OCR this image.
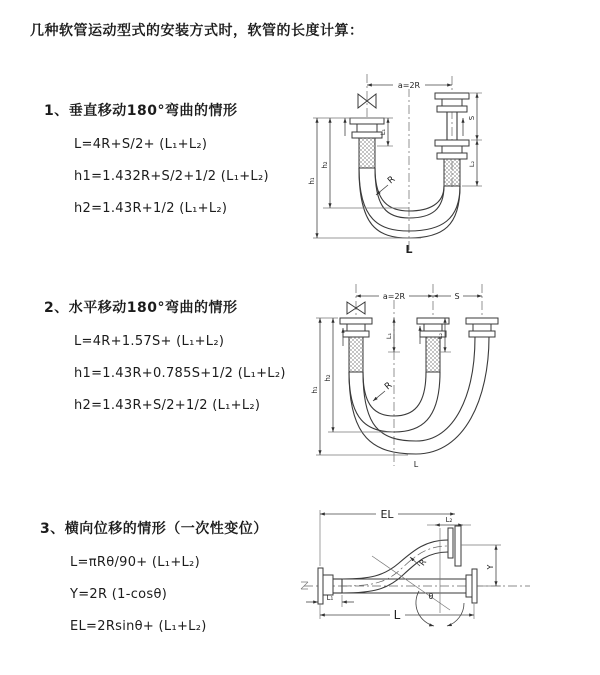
几种软管运动型式的安装方式时，软管的长度计算：

1、垂直移动180°弯曲的情形

L=4R+S/2+ (L₁+L₂)
h1=1.432R+S/2+1/2 (L₁+L₂)
h2=1.43R+1/2 (L₁+L₂)
a=2R
S
L₂
h₁
h₂
L₁
R
L

2、水平移动180°弯曲的情形

L=4R+1.57S+ (L₁+L₂)
h1=1.43R+0.785S+1/2 (L₁+L₂)
h2=1.43R+S/2+1/2 (L₁+L₂)
a=2R	S
h₁
h₂
L₁	L₂
R
L

3、横向位移的情形（一次性变位）

L=πRθ/90+ (L₁+L₂)
Y=2R (1-cosθ)
EL=2Rsinθ+ (L₁+L₂)
θ
EL	L₂
Y
L₁
L
R
